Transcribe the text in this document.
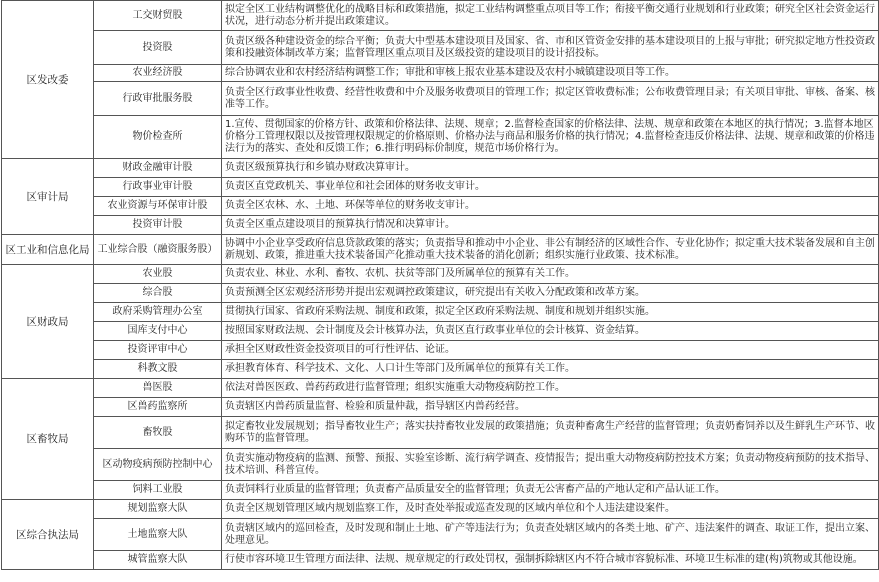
区发改委	工交财贸股	拟定全区工业结构调整优化的战略目标和政策措施，拟定工业结构调整重点项目等工作；衔接平衡交通行业规划和行业政策；研究全区社会资金运行状况，进行动态分析并提出政策建议。
	投资股	负责区级各种建设资金的综合平衡；负责大中型基本建设项目及国家、省、市和区管资金安排的基本建设项目的上报与审批；研究拟定地方性投资政策和投融资体制改革方案；监督管理区重点项目及区级投资的建设项目的设计招投标。
	农业经济股	综合协调农业和农村经济结构调整工作；审批和审核上报农业基本建设及农村小城镇建设项目等工作。
	行政审批服务股	负责全区行政事业性收费、经营性收费和中介及服务收费项目的管理工作；拟定区管收费标准；公布收费管理目录；有关项目审批、审核、备案、核准等工作。
	物价检查所	1.宣传、贯彻国家的价格方针、政策和价格法律、法规、规章；2.监督检查国家的价格法律、法规、规章和政策在本地区的执行情况；3.监督本地区价格分工管理权限以及按管理权限规定的价格原则、价格办法与商品和服务价格的执行情况；4.监督检查违反价格法律、法规、规章和政策的价格违法行为的落实、查处和反馈工作；6.推行明码标价制度，规范市场价格行为。
区审计局	财政金融审计股	负责区级预算执行和乡镇办财政决算审计。
	行政事业审计股	负责区直党政机关、事业单位和社会团体的财务收支审计。
	农业资源与环保审计股	负责全区农林、水、土地、环保等单位的财务收支审计。
	投资审计股	负责全区重点建设项目的预算执行情况和决算审计。
区工业和信息化局	工业综合股（融资服务股）	协调中小企业享受政府信息贷款政策的落实；负责指导和推动中小企业、非公有制经济的区域性合作、专业化协作；拟定重大技术装备发展和自主创新规划、政策，推进重大技术装备国产化推动重大技术装备的消化创新；组织实施行业政策、技术标准。
区财政局	农业股	负责农业、林业、水利、畜牧、农机、扶贫等部门及所属单位的预算有关工作。
	综合股	负责预测全区宏观经济形势并提出宏观调控政策建议，研究提出有关收入分配政策和改革方案。
	政府采购管理办公室	贯彻执行国家、省政府采购法规、制度和政策，拟定全区政府采购法规、制度和规划并组织实施。
	国库支付中心	按照国家财政法规、会计制度及会计核算办法，负责区直行政事业单位的会计核算、资金结算。
	投资评审中心	承担全区财政性资金投资项目的可行性评估、论证。
	科教文股	承担教育体育、科学技术、文化、人口计生等部门及所属单位的预算有关工作。
区畜牧局	兽医股	依法对兽医医政、兽药药政进行监督管理；组织实施重大动物疫病防控工作。
	区兽药监察所	负责辖区内兽药质量监督、检验和质量仲裁，指导辖区内兽药经营。
	畜牧股	拟定畜牧业发展规划；指导畜牧业生产；落实扶持畜牧业发展的政策措施；负责种畜禽生产经营的监督管理；负责奶畜饲养以及生鲜乳生产环节、收购环节的监督管理。
	区动物疫病预防控制中心	负责实施动物疫病的监测、预警、预报、实验室诊断、流行病学调查、疫情报告；提出重大动物疫病防控技术方案；负责动物疫病预防的技术指导、技术培训、科普宣传。
	饲料工业股	负责饲料行业质量的监督管理；负责畜产品质量安全的监督管理；负责无公害畜产品的产地认定和产品认证工作。
区综合执法局	规划监察大队	负责全区规划管理区域内规划监察工作，及时查处举报或巡查发现的区域内单位和个人违法建设案件。
	土地监察大队	负责辖区域内的巡回检查，及时发现和制止土地、矿产等违法行为；负责查处辖区域内的各类土地、矿产、违法案件的调查、取证工作，提出立案、处理意见。
	城管监察大队	行使市容环境卫生管理方面法律、法规、规章规定的行政处罚权，强制拆除辖区内不符合城市容貌标准、环境卫生标准的建(构)筑物或其他设施。
